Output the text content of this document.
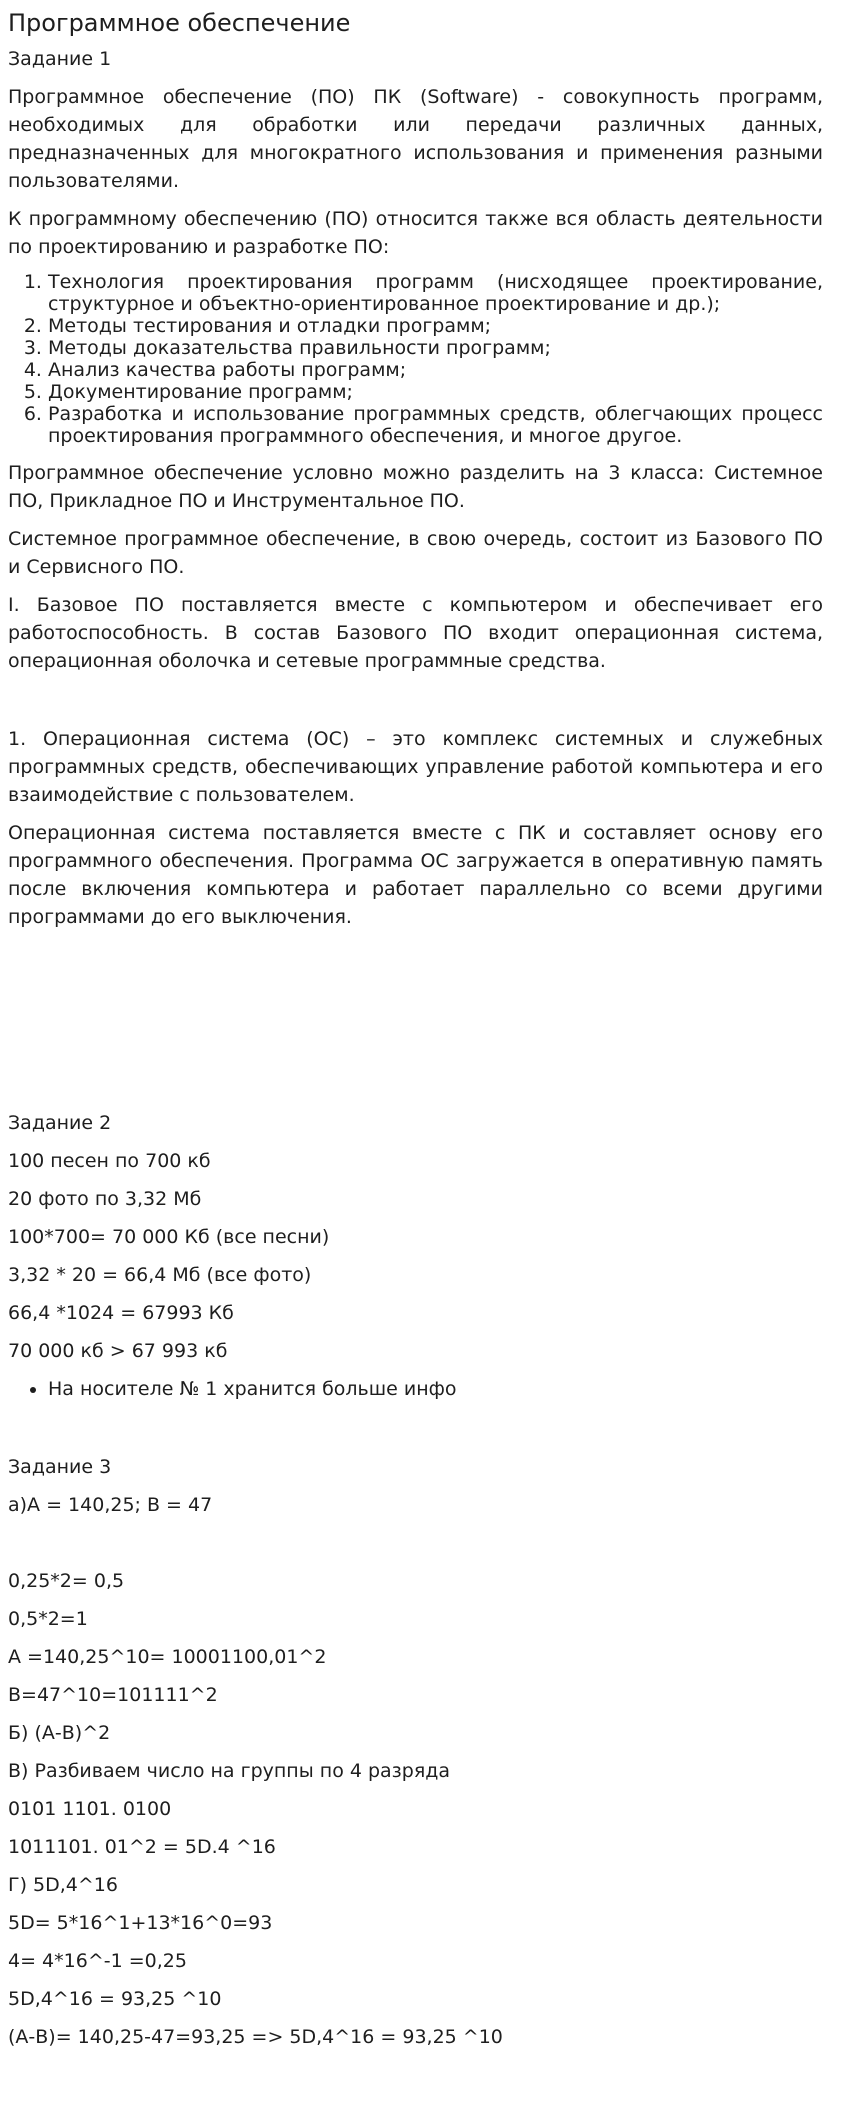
Программное обеспечение

Задание 1

Программное обеспечение (ПО) ПК (Software) - совокупность программ, необходимых для обработки или передачи различных данных, предназначенных для многократного использования и применения разными пользователями.

К программному обеспечению (ПО) относится также вся область деятельности по проектированию и разработке ПО:

1. Технология проектирования программ (нисходящее проектирование, структурное и объектно-ориентированное проектирование и др.);
2. Методы тестирования и отладки программ;
3. Методы доказательства правильности программ;
4. Анализ качества работы программ;
5. Документирование программ;
6. Разработка и использование программных средств, облегчающих процесс проектирования программного обеспечения, и многое другое.

Программное обеспечение условно можно разделить на 3 класса: Системное ПО, Прикладное ПО и Инструментальное ПО.

Системное программное обеспечение, в свою очередь, состоит из Базового ПО и Сервисного ПО.

I. Базовое ПО поставляется вместе с компьютером и обеспечивает его работоспособность. В состав Базового ПО входит операционная система, операционная оболочка и сетевые программные средства.

1. Операционная система (ОС) – это комплекс системных и служебных программных средств, обеспечивающих управление работой компьютера и его взаимодействие с пользователем.

Операционная система поставляется вместе с ПК и составляет основу его программного обеспечения. Программа ОС загружается в оперативную память после включения компьютера и работает параллельно со всеми другими программами до его выключения.

Задание 2

100 песен по 700 кб

20 фото по 3,32 Мб

100*700= 70 000 Кб (все песни)

3,32 * 20 = 66,4 Мб (все фото)

66,4 *1024 = 67993 Кб

70 000 кб > 67 993 кб

• На носителе № 1 хранится больше инфо

Задание 3

а)А = 140,25; В = 47

0,25*2= 0,5

0,5*2=1

А =140,25^10= 10001100,01^2

В=47^10=101111^2

Б) (А-В)^2

В) Разбиваем число на группы по 4 разряда

0101 1101. 0100

1011101. 01^2 = 5D.4 ^16

Г) 5D,4^16

5D= 5*16^1+13*16^0=93

4= 4*16^-1 =0,25

5D,4^16 = 93,25 ^10

(А-В)= 140,25-47=93,25 => 5D,4^16 = 93,25 ^10
